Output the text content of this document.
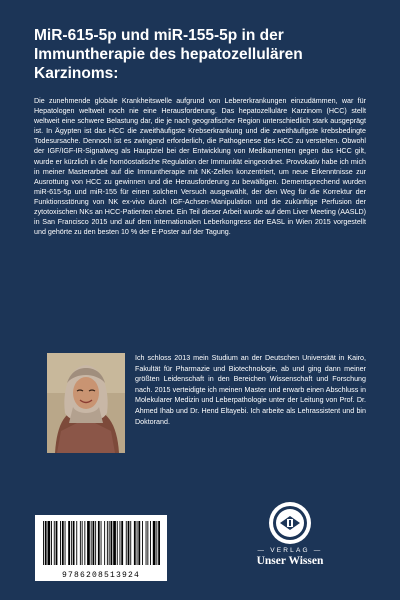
MiR-615-5p und miR-155-5p in der Immuntherapie des hepatozellulären Karzinoms:

Die zunehmende globale Krankheitswelle aufgrund von Lebererkrankungen einzudämmen, war für Hepatologen weltweit noch nie eine Herausforderung. Das hepatozelluläre Karzinom (HCC) stellt weltweit eine schwere Belastung dar, die je nach geografischer Region unterschiedlich stark ausgeprägt ist. In Ägypten ist das HCC die zweithäufigste Krebserkrankung und die zweithäufigste krebsbedingte Todesursache. Dennoch ist es zwingend erforderlich, die Pathogenese des HCC zu verstehen. Obwohl der IGF/IGF-IR-Signalweg als Hauptziel bei der Entwicklung von Medikamenten gegen das HCC gilt, wurde er kürzlich in die homöostatische Regulation der Immunität eingeordnet. Provokativ habe ich mich in meiner Masterarbeit auf die Immuntherapie mit NK-Zellen konzentriert, um neue Erkenntnisse zur Ausrottung von HCC zu gewinnen und die Herausforderung zu bewältigen. Dementsprechend wurden miR-615-5p und miR-155 für einen solchen Versuch ausgewählt, der den Weg für die Korrektur der Funktionsstörung von NK ex-vivo durch IGF-Achsen-Manipulation und die zukünftige Perfusion der zytotoxischen NKs an HCC-Patienten ebnet. Ein Teil dieser Arbeit wurde auf dem Liver Meeting (AASLD) in San Francisco 2015 und auf dem internationalen Leberkongress der EASL in Wien 2015 vorgestellt und gehörte zu den besten 10 % der E-Poster auf der Tagung.

Ich schloss 2013 mein Studium an der Deutschen Universität in Kairo, Fakultät für Pharmazie und Biotechnologie, ab und ging dann meiner größten Leidenschaft in den Bereichen Wissenschaft und Forschung nach. 2015 verteidigte ich meinen Master und erwarb einen Abschluss in Molekularer Medizin und Leberpathologie unter der Leitung von Prof. Dr. Ahmed Ihab und Dr. Hend Eltayebi. Ich arbeite als Lehrassistent und bin Doktorand.

9786208513924
— VERLAG —
Unser Wissen
